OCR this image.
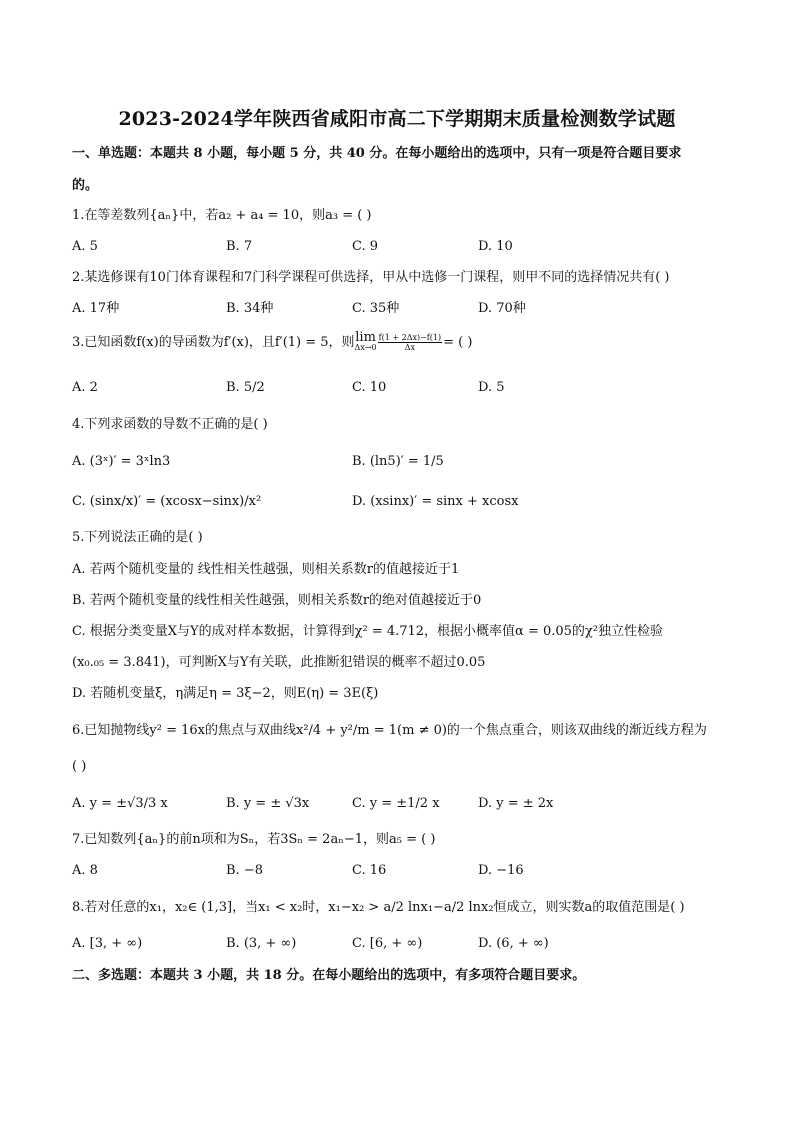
2023-2024学年陕西省咸阳市高二下学期期末质量检测数学试题
一、单选题：本题共 8 小题，每小题 5 分，共 40 分。在每小题给出的选项中，只有一项是符合题目要求
的。
1.在等差数列{aₙ}中，若a₂ + a₄ = 10，则a₃ = ( )
A. 5	B. 7	C. 9	D. 10
2.某选修课有10门体育课程和7门科学课程可供选择，甲从中选修一门课程，则甲不同的选择情况共有( )
A. 17种	B. 34种	C. 35种	D. 70种
3.已知函数f(x)的导函数为f′(x)，且f′(1) = 5，则 lim
$\Delta x\to 0 \frac{f(1 + 2\Delta x)-f(1)}{\Delta x}$ = ( )
A. 2	B. 5/2	C. 10	D. 5
4.下列求函数的导数不正确的是( )
A. (3ˣ)′ = 3ˣln3	B. (ln5)′ = 1/5
C. (sinx/x)′ = (xcosx−sinx)/x²	D. (xsinx)′ = sinx + xcosx
5.下列说法正确的是( )
A. 若两个随机变量的 线性相关性越强，则相关系数r的值越接近于1
B. 若两个随机变量的线性相关性越强，则相关系数r的绝对值越接近于0
C. 根据分类变量X与Y的成对样本数据，计算得到χ² = 4.712，根据小概率值α = 0.05的χ²独立性检验
(x₀.₀₅ = 3.841)，可判断X与Y有关联，此推断犯错误的概率不超过0.05
D. 若随机变量ξ，η满足η = 3ξ−2，则E(η) = 3E(ξ)
6.已知抛物线y² = 16x的焦点与双曲线x²/4 + y²/m = 1(m ≠ 0)的一个焦点重合，则该双曲线的渐近线方程为
( )
A. y = ±√3/3 x	B. y = ± √3x	C. y = ±1/2 x	D. y = ± 2x
7.已知数列{aₙ}的前n项和为Sₙ，若3Sₙ = 2aₙ−1，则a₅ = ( )
A. 8	B. −8	C. 16	D. −16
8.若对任意的x₁，x₂∈ (1,3]，当x₁ < x₂时，x₁−x₂ > a/2 lnx₁−a/2 lnx₂恒成立，则实数a的取值范围是( )
A. [3, + ∞)	B. (3, + ∞)	C. [6, + ∞)	D. (6, + ∞)
二、多选题：本题共 3 小题，共 18 分。在每小题给出的选项中，有多项符合题目要求。
